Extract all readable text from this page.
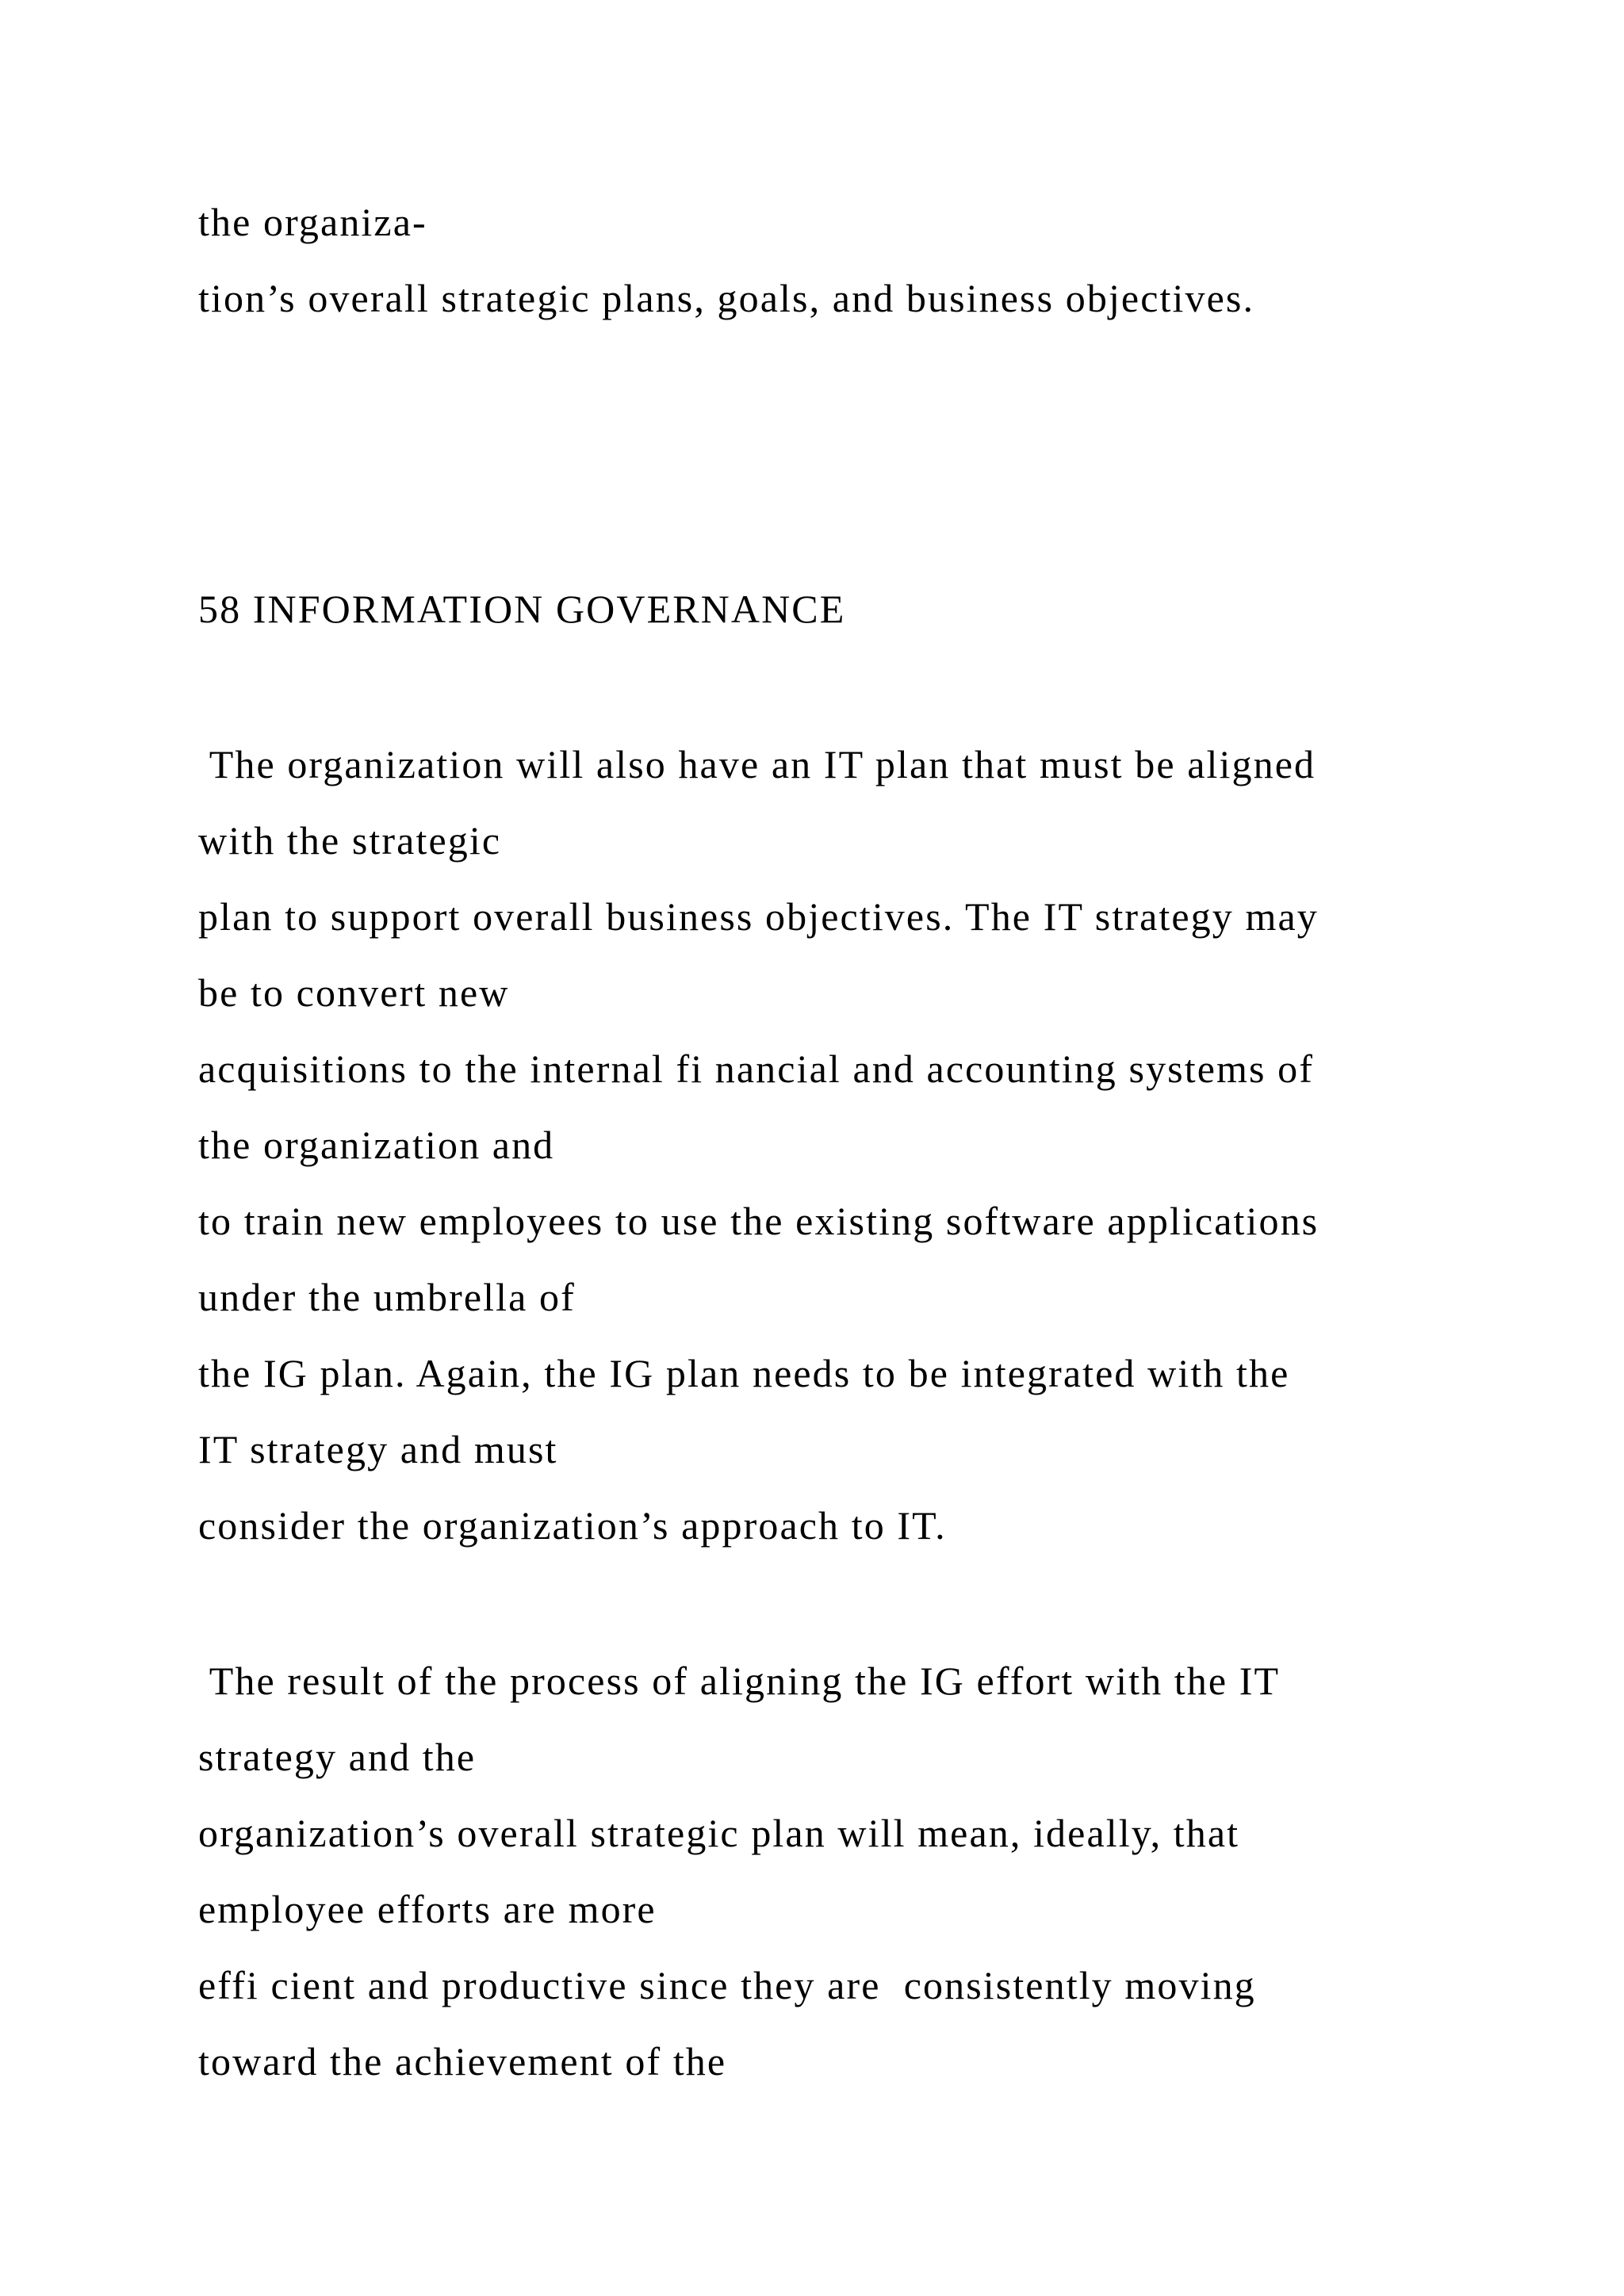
the organiza-

tion’s overall strategic plans, goals, and business objectives.

58 INFORMATION GOVERNANCE

The organization will also have an IT plan that must be aligned

with the strategic

plan to support overall business objectives. The IT strategy may

be to convert new

acquisitions to the internal fi nancial and accounting systems of

the organization and

to train new employees to use the existing software applications

under the umbrella of

the IG plan. Again, the IG plan needs to be integrated with the

IT strategy and must

consider the organization’s approach to IT.

The result of the process of aligning the IG effort with the IT

strategy and the

organization’s overall strategic plan will mean, ideally, that

employee efforts are more

effi cient and productive since they are  consistently moving

toward the achievement of the
